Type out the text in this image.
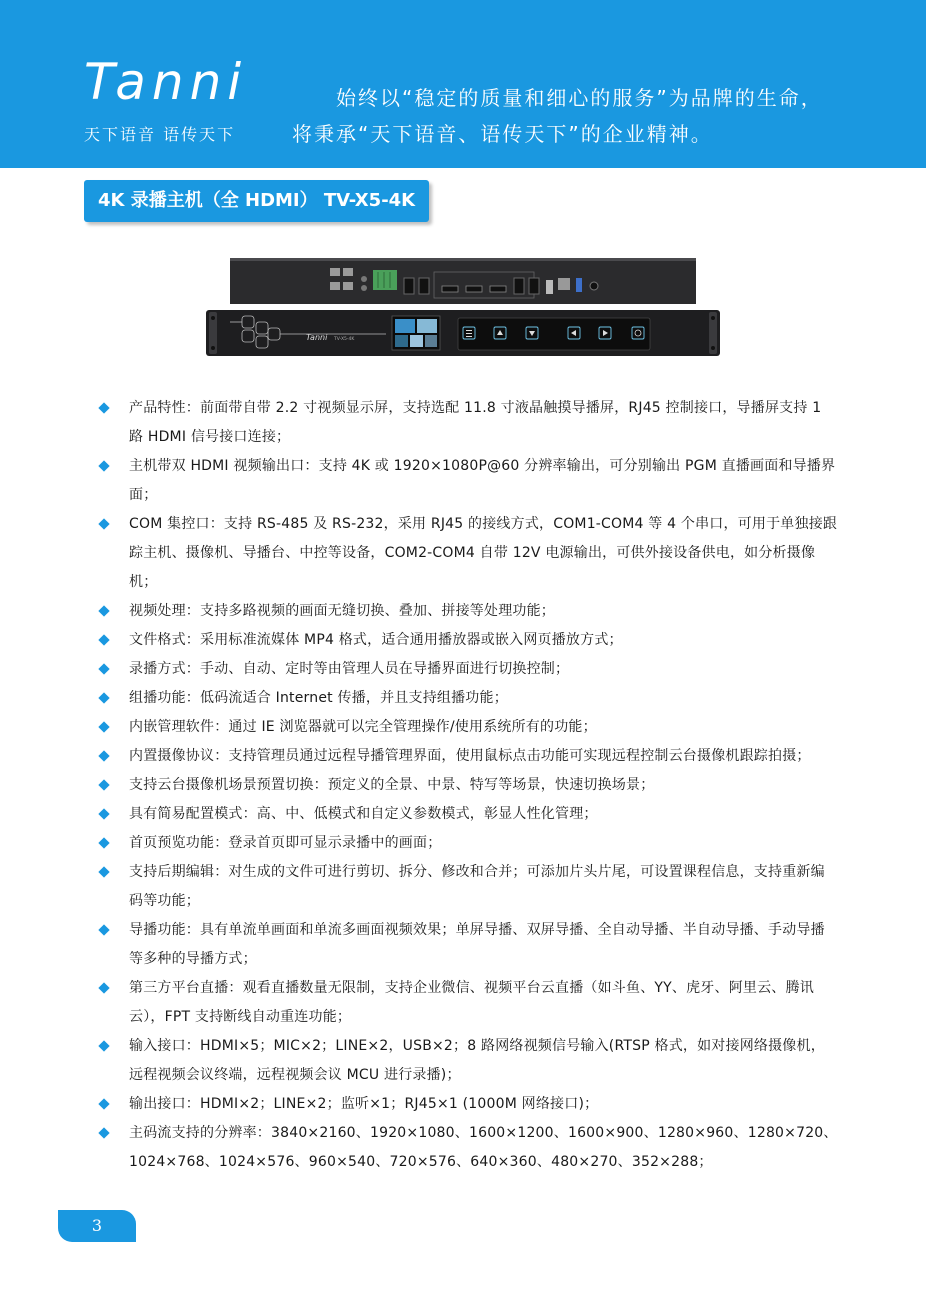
Tanni
天下语音 语传天下
始终以“稳定的质量和细心的服务”为品牌的生命，
将秉承“天下语音、语传天下”的企业精神。
4K 录播主机（全 HDMI） TV-X5-4K
Tanni TV-X5-4K
产品特性：前面带自带 2.2 寸视频显示屏，支持选配 11.8 寸液晶触摸导播屏，RJ45 控制接口，导播屏支持 1 路 HDMI 信号接口连接；
主机带双 HDMI 视频输出口：支持 4K 或 1920×1080P@60 分辨率输出，可分别输出 PGM 直播画面和导播界面；
COM 集控口：支持 RS-485 及 RS-232，采用 RJ45 的接线方式，COM1-COM4 等 4 个串口，可用于单独接跟踪主机、摄像机、导播台、中控等设备，COM2-COM4 自带 12V 电源输出，可供外接设备供电，如分析摄像机；
视频处理：支持多路视频的画面无缝切换、叠加、拼接等处理功能；
文件格式：采用标准流媒体 MP4 格式，适合通用播放器或嵌入网页播放方式；
录播方式：手动、自动、定时等由管理人员在导播界面进行切换控制；
组播功能：低码流适合 Internet 传播，并且支持组播功能；
内嵌管理软件：通过 IE 浏览器就可以完全管理操作/使用系统所有的功能；
内置摄像协议：支持管理员通过远程导播管理界面，使用鼠标点击功能可实现远程控制云台摄像机跟踪拍摄；
支持云台摄像机场景预置切换：预定义的全景、中景、特写等场景，快速切换场景；
具有简易配置模式：高、中、低模式和自定义参数模式，彰显人性化管理；
首页预览功能：登录首页即可显示录播中的画面；
支持后期编辑：对生成的文件可进行剪切、拆分、修改和合并；可添加片头片尾，可设置课程信息，支持重新编码等功能；
导播功能：具有单流单画面和单流多画面视频效果；单屏导播、双屏导播、全自动导播、半自动导播、手动导播等多种的导播方式；
第三方平台直播：观看直播数量无限制，支持企业微信、视频平台云直播（如斗鱼、YY、虎牙、阿里云、腾讯云），FPT 支持断线自动重连功能；
输入接口：HDMI×5；MIC×2；LINE×2，USB×2；8 路网络视频信号输入(RTSP 格式，如对接网络摄像机，远程视频会议终端，远程视频会议 MCU 进行录播)；
输出接口：HDMI×2；LINE×2；监听×1；RJ45×1 (1000M 网络接口)；
主码流支持的分辨率：3840×2160、1920×1080、1600×1200、1600×900、1280×960、1280×720、1024×768、1024×576、960×540、720×576、640×360、480×270、352×288；
3
